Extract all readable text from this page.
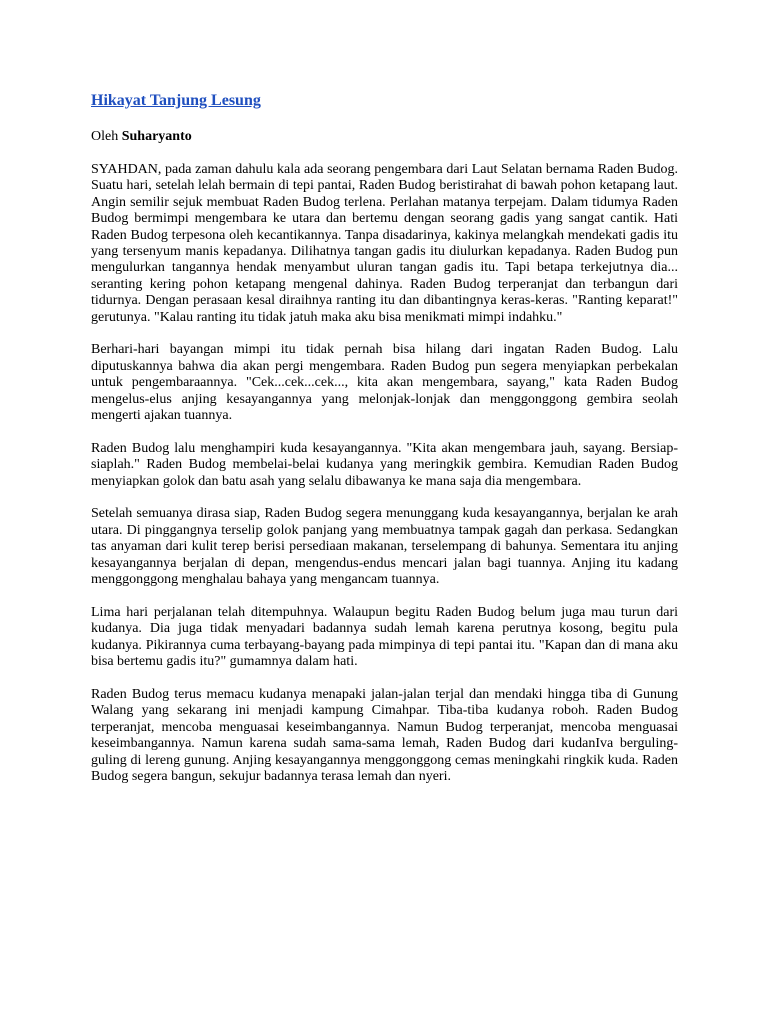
Hikayat Tanjung Lesung

Oleh Suharyanto

SYAHDAN, pada zaman dahulu kala ada seorang pengembara dari Laut Selatan bernama Raden Budog. Suatu hari, setelah lelah bermain di tepi pantai, Raden Budog beristirahat di bawah pohon ketapang laut. Angin semilir sejuk membuat Raden Budog terlena. Perlahan matanya terpejam. Dalam tidumya Raden Budog bermimpi mengembara ke utara dan bertemu dengan seorang gadis yang sangat cantik. Hati Raden Budog terpesona oleh kecantikannya. Tanpa disadarinya, kakinya melangkah mendekati gadis itu yang tersenyum manis kepadanya. Dilihatnya tangan gadis itu diulurkan kepadanya. Raden Budog pun mengulurkan tangannya hendak menyambut uluran tangan gadis itu. Tapi betapa terkejutnya dia... seranting kering pohon ketapang mengenal dahinya. Raden Budog terperanjat dan terbangun dari tidurnya. Dengan perasaan kesal diraihnya ranting itu dan dibantingnya keras-keras. "Ranting keparat!" gerutunya. "Kalau ranting itu tidak jatuh maka aku bisa menikmati mimpi indahku."

Berhari-hari bayangan mimpi itu tidak pernah bisa hilang dari ingatan Raden Budog. Lalu diputuskannya bahwa dia akan pergi mengembara. Raden Budog pun segera menyiapkan perbekalan untuk pengembaraannya. "Cek...cek...cek..., kita akan mengembara, sayang," kata Raden Budog mengelus-elus anjing kesayangannya yang melonjak-lonjak dan menggonggong gembira seolah mengerti ajakan tuannya.

Raden Budog lalu menghampiri kuda kesayangannya. "Kita akan mengembara jauh, sayang. Bersiap-siaplah." Raden Budog membelai-belai kudanya yang meringkik gembira. Kemudian Raden Budog menyiapkan golok dan batu asah yang selalu dibawanya ke mana saja dia mengembara.

Setelah semuanya dirasa siap, Raden Budog segera menunggang kuda kesayangannya, berjalan ke arah utara. Di pinggangnya terselip golok panjang yang membuatnya tampak gagah dan perkasa. Sedangkan tas anyaman dari kulit terep berisi persediaan makanan, terselempang di bahunya. Sementara itu anjing kesayangannya berjalan di depan, mengendus-endus mencari jalan bagi tuannya. Anjing itu kadang menggonggong menghalau bahaya yang mengancam tuannya.

Lima hari perjalanan telah ditempuhnya. Walaupun begitu Raden Budog belum juga mau turun dari kudanya. Dia juga tidak menyadari badannya sudah lemah karena perutnya kosong, begitu pula kudanya. Pikirannya cuma terbayang-bayang pada mimpinya di tepi pantai itu. "Kapan dan di mana aku bisa bertemu gadis itu?" gumamnya dalam hati.

Raden Budog terus memacu kudanya menapaki jalan-jalan terjal dan mendaki hingga tiba di Gunung Walang yang sekarang ini menjadi kampung Cimahpar. Tiba-tiba kudanya roboh. Raden Budog terperanjat, mencoba menguasai keseimbangannya. Namun Budog terperanjat, mencoba menguasai keseimbangannya. Namun karena sudah sama-sama lemah, Raden Budog dari kudanIva berguling-guling di lereng gunung. Anjing kesayangannya menggonggong cemas meningkahi ringkik kuda. Raden Budog segera bangun, sekujur badannya terasa lemah dan nyeri.
